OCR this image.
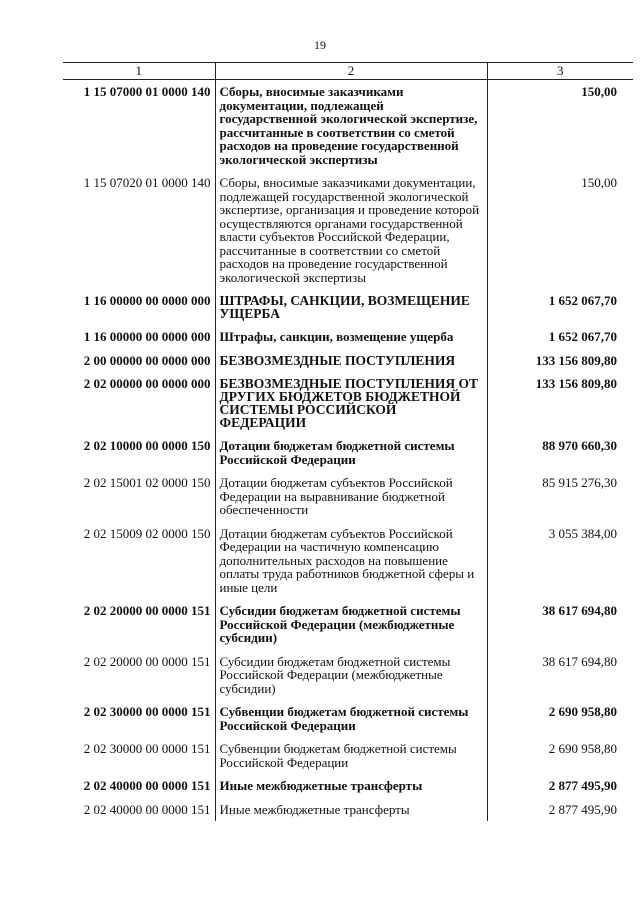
19
1	2	3
1 15 07000 01 0000 140	Сборы, вносимые заказчиками документации, подлежащей государственной экологической экспертизе, рассчитанные в соответствии со сметой расходов на проведение государственной экологической экспертизы	150,00
1 15 07020 01 0000 140	Сборы, вносимые заказчиками документации, подлежащей государственной экологической экспертизе, организация и проведение которой осуществляются органами государственной власти субъектов Российской Федерации, рассчитанные в соответствии со сметой расходов на проведение государственной экологической экспертизы	150,00
1 16 00000 00 0000 000	ШТРАФЫ, САНКЦИИ, ВОЗМЕЩЕНИЕ УЩЕРБА	1 652 067,70
1 16 00000 00 0000 000	Штрафы, санкции, возмещение ущерба	1 652 067,70
2 00 00000 00 0000 000	БЕЗВОЗМЕЗДНЫЕ ПОСТУПЛЕНИЯ	133 156 809,80
2 02 00000 00 0000 000	БЕЗВОЗМЕЗДНЫЕ ПОСТУПЛЕНИЯ ОТ ДРУГИХ БЮДЖЕТОВ БЮДЖЕТНОЙ СИСТЕМЫ РОССИЙСКОЙ ФЕДЕРАЦИИ	133 156 809,80
2 02 10000 00 0000 150	Дотации бюджетам бюджетной системы Российской Федерации	88 970 660,30
2 02 15001 02 0000 150	Дотации бюджетам субъектов Российской Федерации на выравнивание бюджетной обеспеченности	85 915 276,30
2 02 15009 02 0000 150	Дотации бюджетам субъектов Российской Федерации на частичную компенсацию дополнительных расходов на повышение оплаты труда работников бюджетной сферы и иные цели	3 055 384,00
2 02 20000 00 0000 151	Субсидии бюджетам бюджетной системы Российской Федерации (межбюджетные субсидии)	38 617 694,80
2 02 20000 00 0000 151	Субсидии бюджетам бюджетной системы Российской Федерации (межбюджетные субсидии)	38 617 694,80
2 02 30000 00 0000 151	Субвенции бюджетам бюджетной системы Российской Федерации	2 690 958,80
2 02 30000 00 0000 151	Субвенции бюджетам бюджетной системы Российской Федерации	2 690 958,80
2 02 40000 00 0000 151	Иные межбюджетные трансферты	2 877 495,90
2 02 40000 00 0000 151	Иные межбюджетные трансферты	2 877 495,90
